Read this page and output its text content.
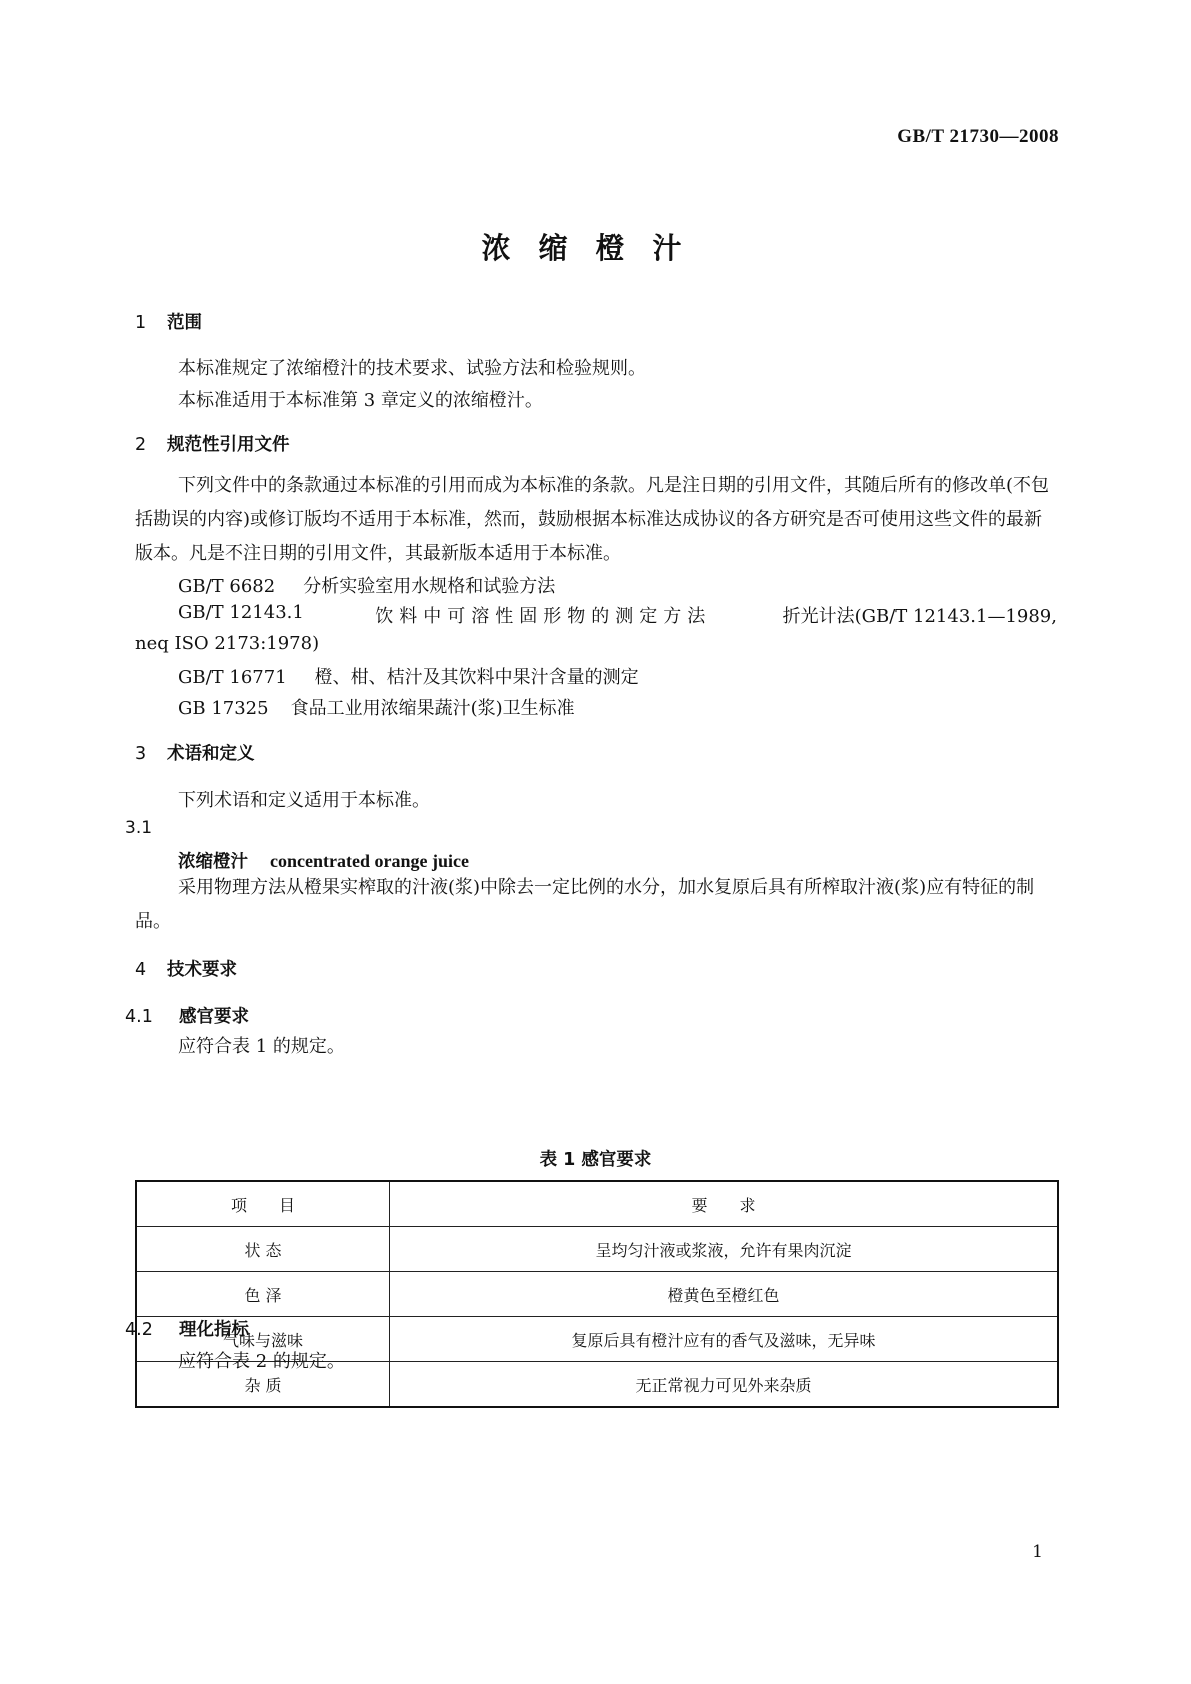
GB/T 21730—2008
浓缩橙汁
1 范围
本标准规定了浓缩橙汁的技术要求、试验方法和检验规则。
本标准适用于本标准第 3 章定义的浓缩橙汁。
2 规范性引用文件
下列文件中的条款通过本标准的引用而成为本标准的条款。凡是注日期的引用文件，其随后所有的修改单(不包括勘误的内容)或修订版均不适用于本标准，然而，鼓励根据本标准达成协议的各方研究是否可使用这些文件的最新版本。凡是不注日期的引用文件，其最新版本适用于本标准。
GB/T 6682 分析实验室用水规格和试验方法
GB/T 12143.1	饮料中可溶性固形物的测定方法	折光计法(GB/T 12143.1—1989,
neq ISO 2173:1978)
GB/T 16771 橙、柑、桔汁及其饮料中果汁含量的测定
GB 17325 食品工业用浓缩果蔬汁(浆)卫生标准
3 术语和定义
下列术语和定义适用于本标准。
3.1
浓缩橙汁 concentrated orange juice
采用物理方法从橙果实榨取的汁液(浆)中除去一定比例的水分，加水复原后具有所榨取汁液(浆)应有特征的制品。
4 技术要求
4.1 感官要求
应符合表 1 的规定。
表 1 感官要求
项　　目	要　　求
状 态	呈均匀汁液或浆液，允许有果肉沉淀
色 泽	橙黄色至橙红色
气味与滋味	复原后具有橙汁应有的香气及滋味，无异味
杂 质	无正常视力可见外来杂质
4.2 理化指标
应符合表 2 的规定。
1
